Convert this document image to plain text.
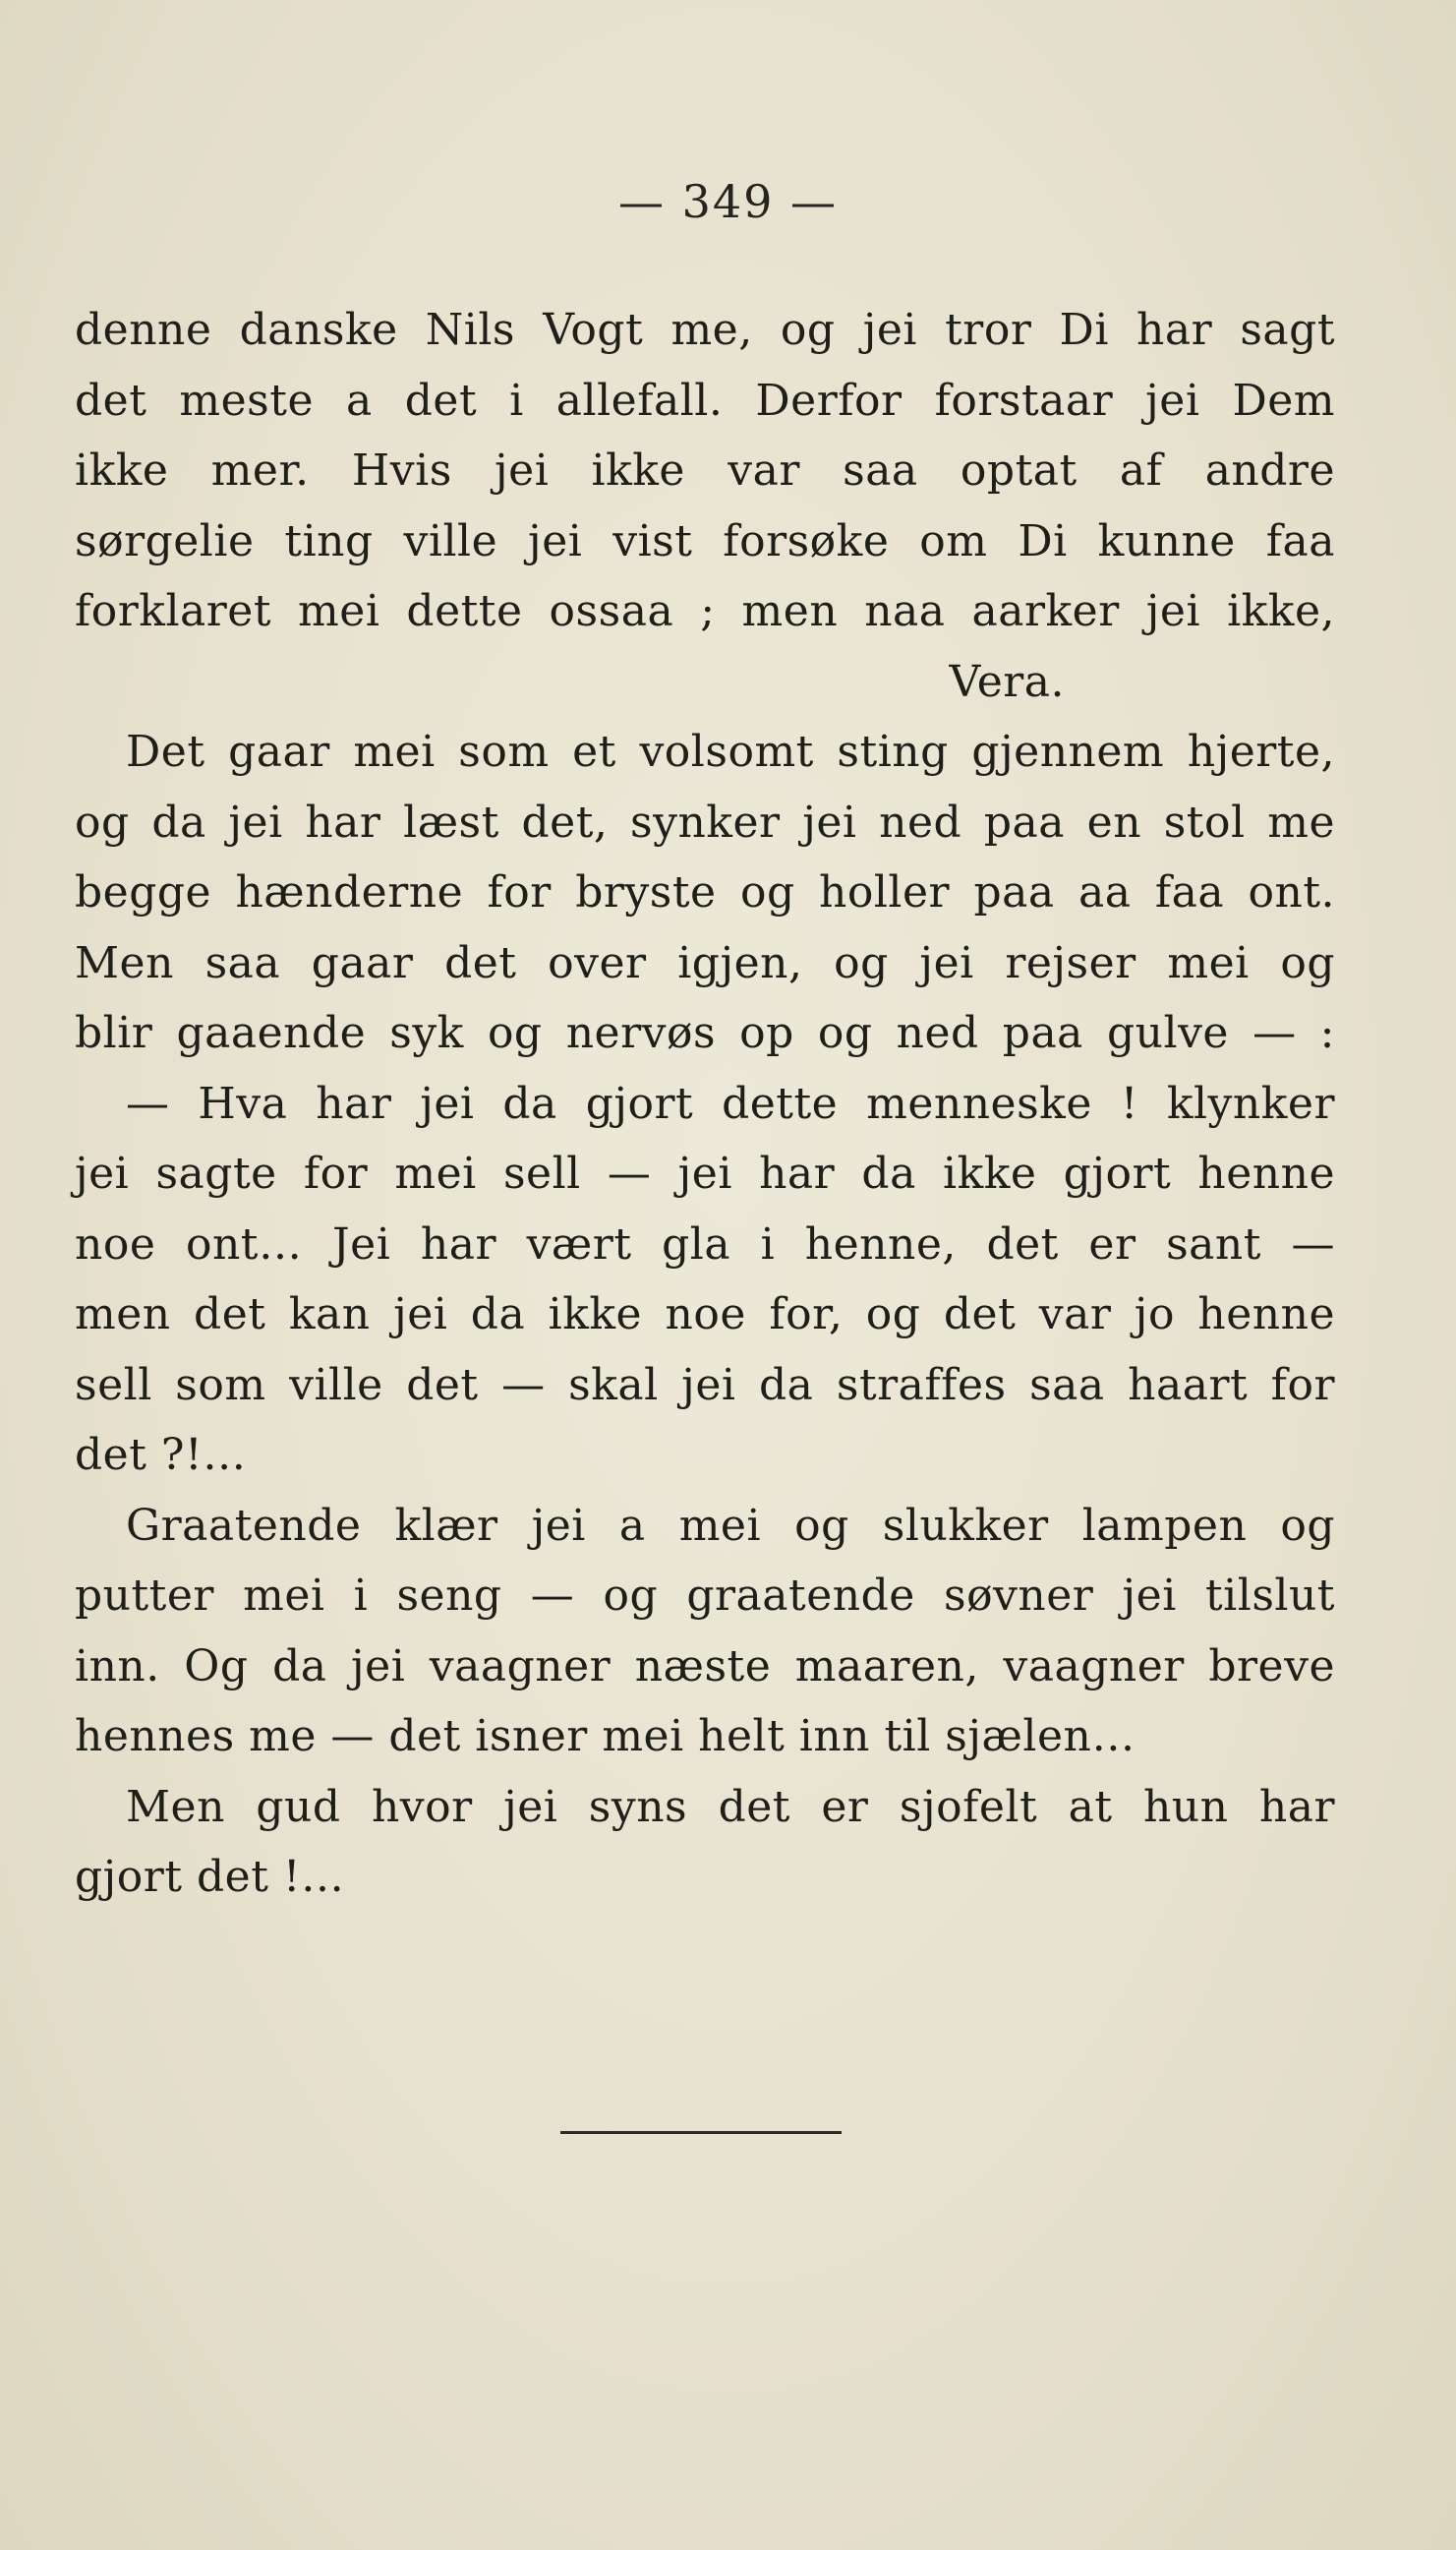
— 349 —
denne danske Nils Vogt me, og jei tror Di har sagt
det meste a det i allefall. Derfor forstaar jei Dem
ikke mer. Hvis jei ikke var saa optat af andre
sørgelie ting ville jei vist forsøke om Di kunne faa
forklaret mei dette ossaa ; men naa aarker jei ikke,
Vera.
Det gaar mei som et volsomt sting gjennem hjerte,
og da jei har læst det, synker jei ned paa en stol me
begge hænderne for bryste og holler paa aa faa ont.
Men saa gaar det over igjen, og jei rejser mei og
blir gaaende syk og nervøs op og ned paa gulve — :
— Hva har jei da gjort dette menneske ! klynker
jei sagte for mei sell — jei har da ikke gjort henne
noe ont… Jei har vært gla i henne, det er sant —
men det kan jei da ikke noe for, og det var jo henne
sell som ville det — skal jei da straffes saa haart for
det ?!…
Graatende klær jei a mei og slukker lampen og
putter mei i seng — og graatende søvner jei tilslut
inn. Og da jei vaagner næste maaren, vaagner breve
hennes me — det isner mei helt inn til sjælen…
Men gud hvor jei syns det er sjofelt at hun har
gjort det !…
